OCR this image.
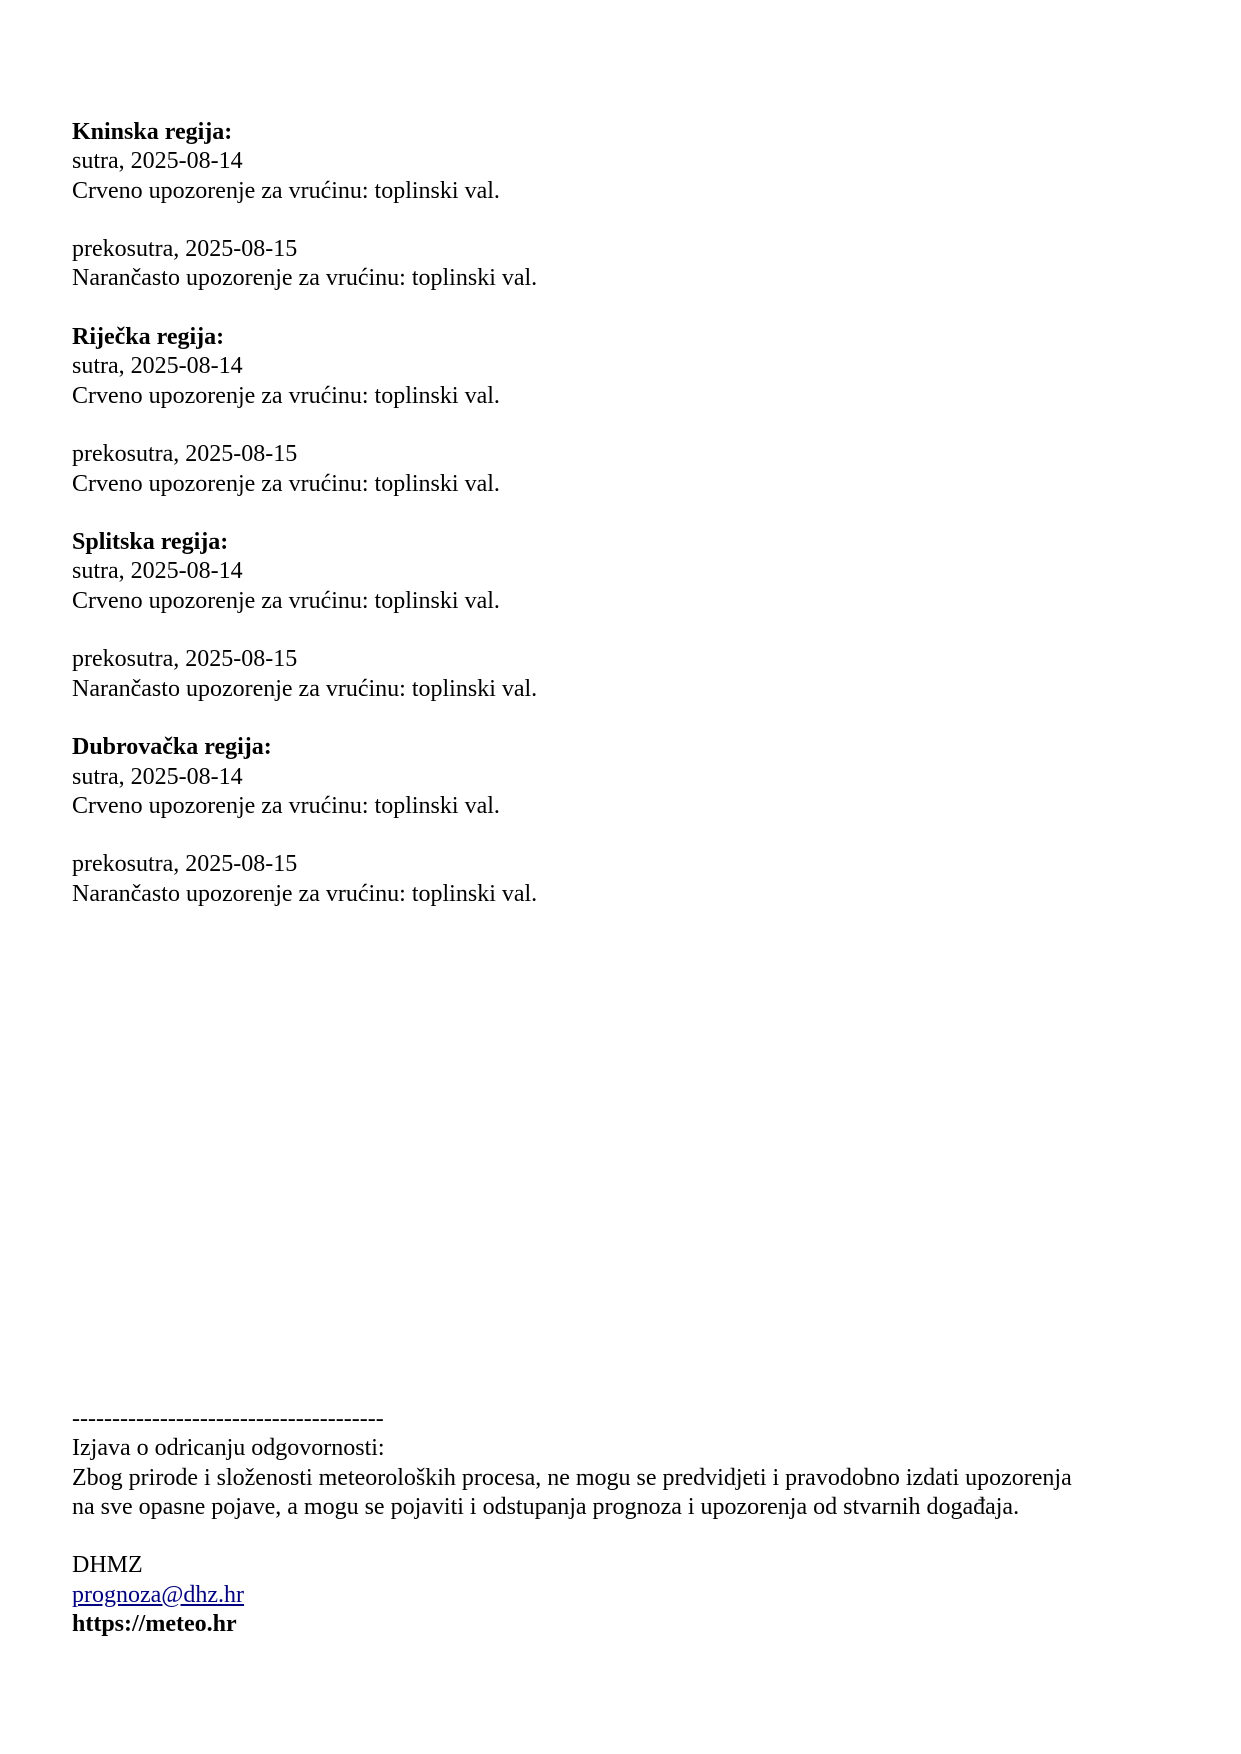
Kninska regija:
sutra, 2025-08-14
Crveno upozorenje za vrućinu: toplinski val.
prekosutra, 2025-08-15
Narančasto upozorenje za vrućinu: toplinski val.
Riječka regija:
sutra, 2025-08-14
Crveno upozorenje za vrućinu: toplinski val.
prekosutra, 2025-08-15
Crveno upozorenje za vrućinu: toplinski val.
Splitska regija:
sutra, 2025-08-14
Crveno upozorenje za vrućinu: toplinski val.
prekosutra, 2025-08-15
Narančasto upozorenje za vrućinu: toplinski val.
Dubrovačka regija:
sutra, 2025-08-14
Crveno upozorenje za vrućinu: toplinski val.
prekosutra, 2025-08-15
Narančasto upozorenje za vrućinu: toplinski val.
---------------------------------------
Izjava o odricanju odgovornosti:
Zbog prirode i složenosti meteoroloških procesa, ne mogu se predvidjeti i pravodobno izdati upozorenja
na sve opasne pojave, a mogu se pojaviti i odstupanja prognoza i upozorenja od stvarnih događaja.
DHMZ
prognoza@dhz.hr
https://meteo.hr
